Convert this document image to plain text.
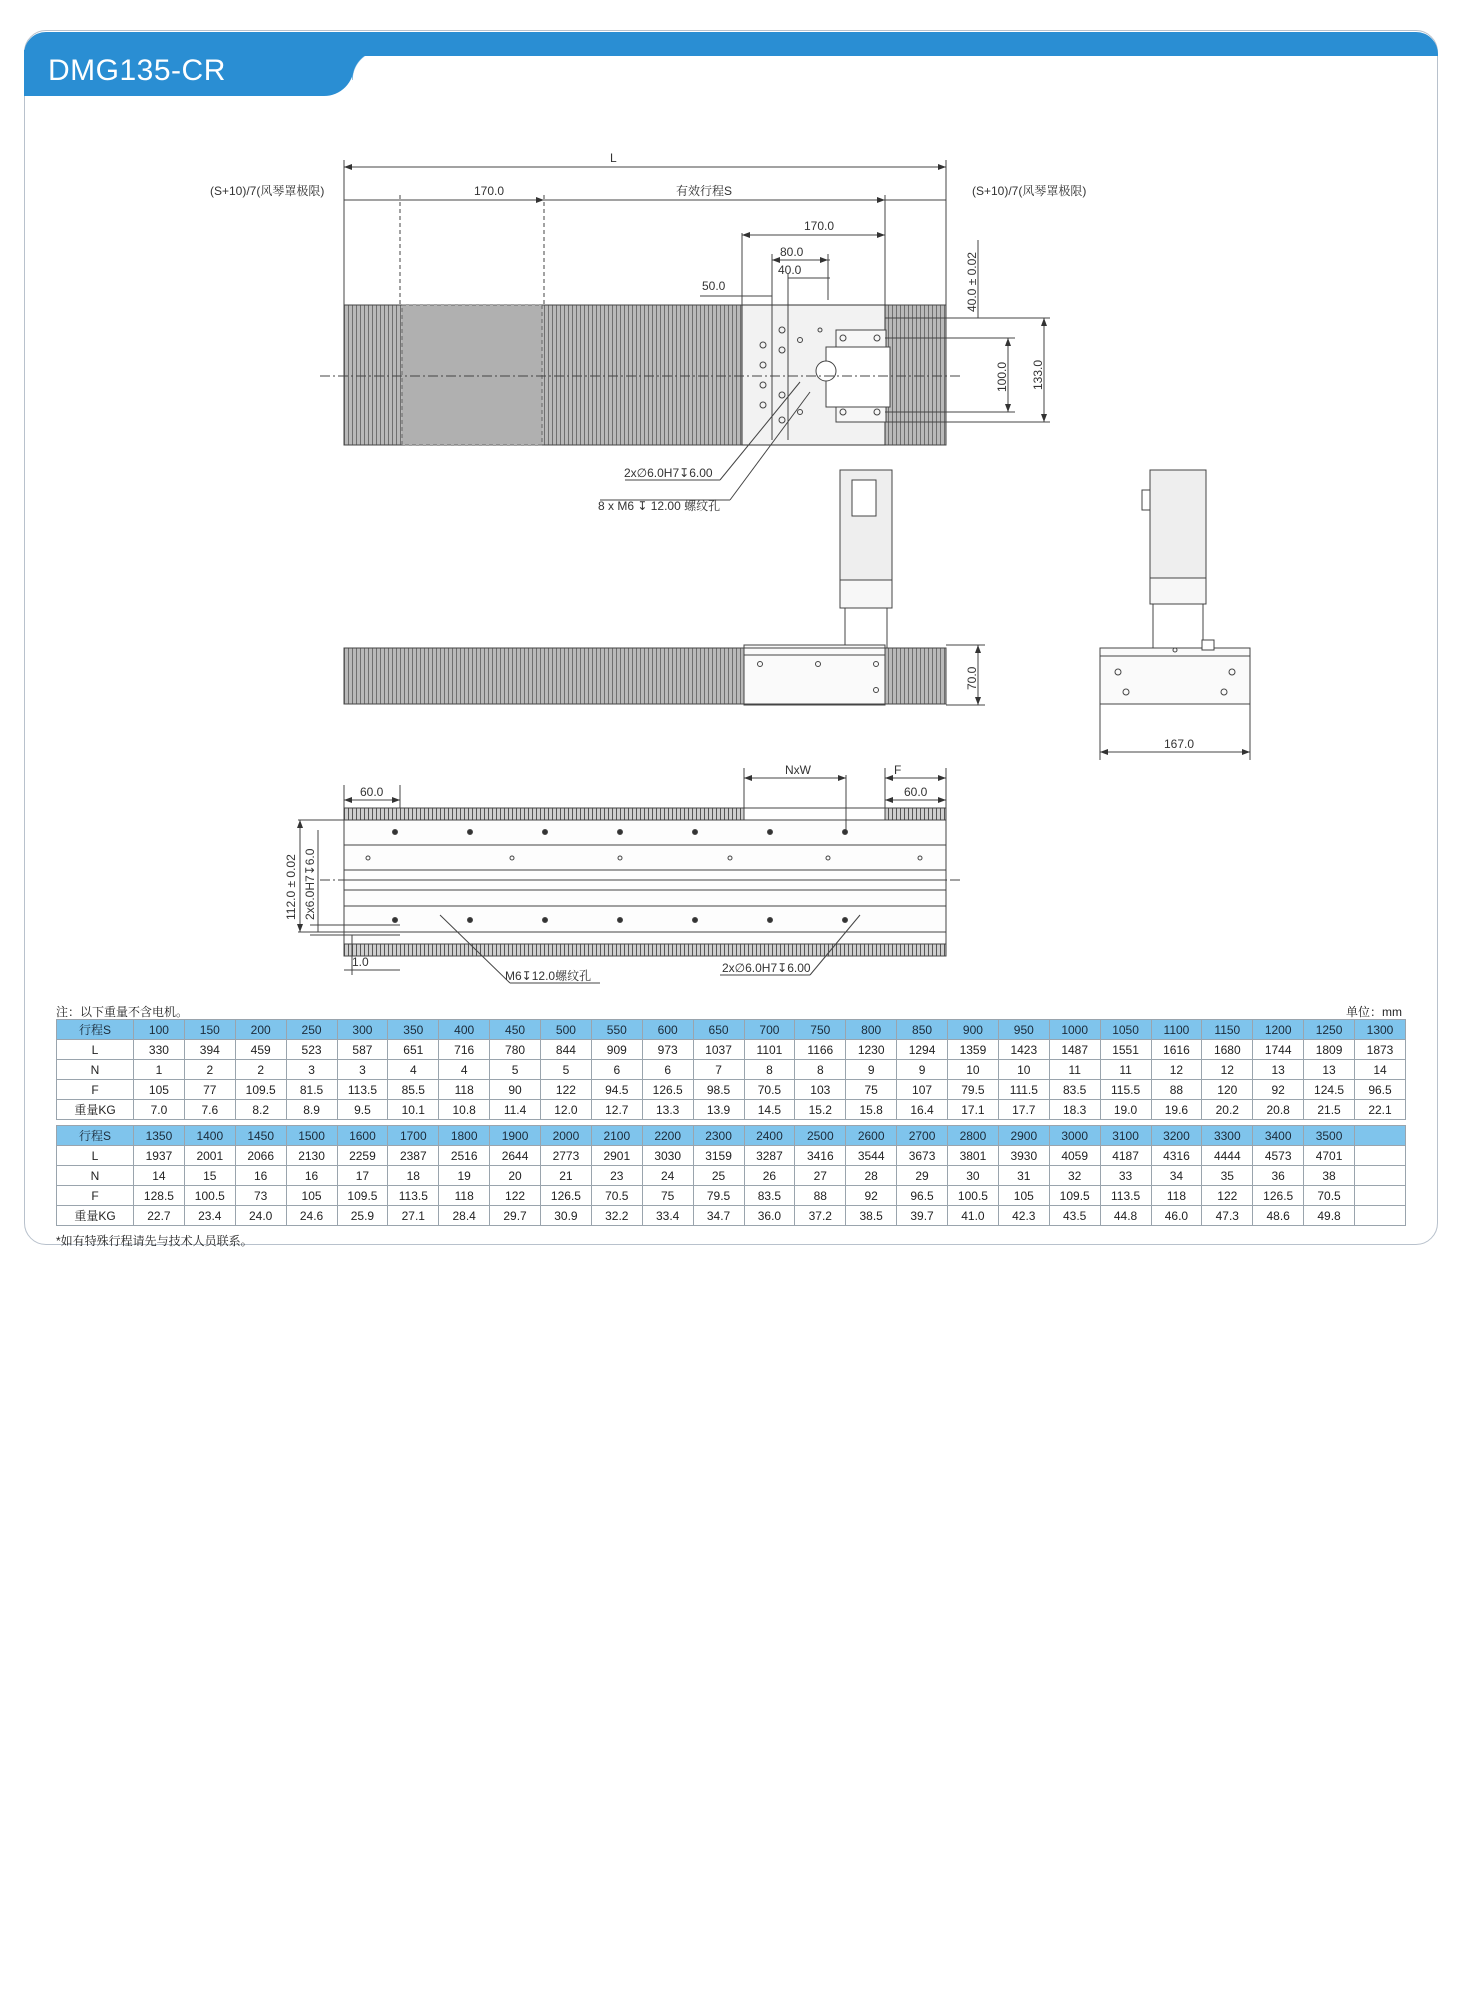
DMG135-CR
L
(S+10)/7(风琴罩极限)	(S+10)/7(风琴罩极限)
170.0	有效行程S
170.0
80.0
40.0
50.0	40.0 ± 0.02
100.0 133.0
2x∅6.0H7↧6.00
8 x M6 ↧ 12.00 螺纹孔
70.0
167.0
60.0
NxW	F
60.0
112.0 ± 0.02 2x6.0H7↧6.0
1.0
M6↧12.0螺纹孔
2x∅6.0H7↧6.00
注：以下重量不含电机。	单位：mm
行程S	100	150	200	250	300	350	400	450	500	550	600	650	700	750	800	850	900	950	1000	1050	1100	1150	1200	1250	1300
L	330	394	459	523	587	651	716	780	844	909	973	1037	1101	1166	1230	1294	1359	1423	1487	1551	1616	1680	1744	1809	1873
N	1	2	2	3	3	4	4	5	5	6	6	7	8	8	9	9	10	10	11	11	12	12	13	13	14
F	105	77	109.5	81.5	113.5	85.5	118	90	122	94.5	126.5	98.5	70.5	103	75	107	79.5	111.5	83.5	115.5	88	120	92	124.5	96.5
重量KG	7.0	7.6	8.2	8.9	9.5	10.1	10.8	11.4	12.0	12.7	13.3	13.9	14.5	15.2	15.8	16.4	17.1	17.7	18.3	19.0	19.6	20.2	20.8	21.5	22.1
行程S	1350	1400	1450	1500	1600	1700	1800	1900	2000	2100	2200	2300	2400	2500	2600	2700	2800	2900	3000	3100	3200	3300	3400	3500	
L	1937	2001	2066	2130	2259	2387	2516	2644	2773	2901	3030	3159	3287	3416	3544	3673	3801	3930	4059	4187	4316	4444	4573	4701	
N	14	15	16	16	17	18	19	20	21	23	24	25	26	27	28	29	30	31	32	33	34	35	36	38	
F	128.5	100.5	73	105	109.5	113.5	118	122	126.5	70.5	75	79.5	83.5	88	92	96.5	100.5	105	109.5	113.5	118	122	126.5	70.5	
重量KG	22.7	23.4	24.0	24.6	25.9	27.1	28.4	29.7	30.9	32.2	33.4	34.7	36.0	37.2	38.5	39.7	41.0	42.3	43.5	44.8	46.0	47.3	48.6	49.8	
*如有特殊行程请先与技术人员联系。
